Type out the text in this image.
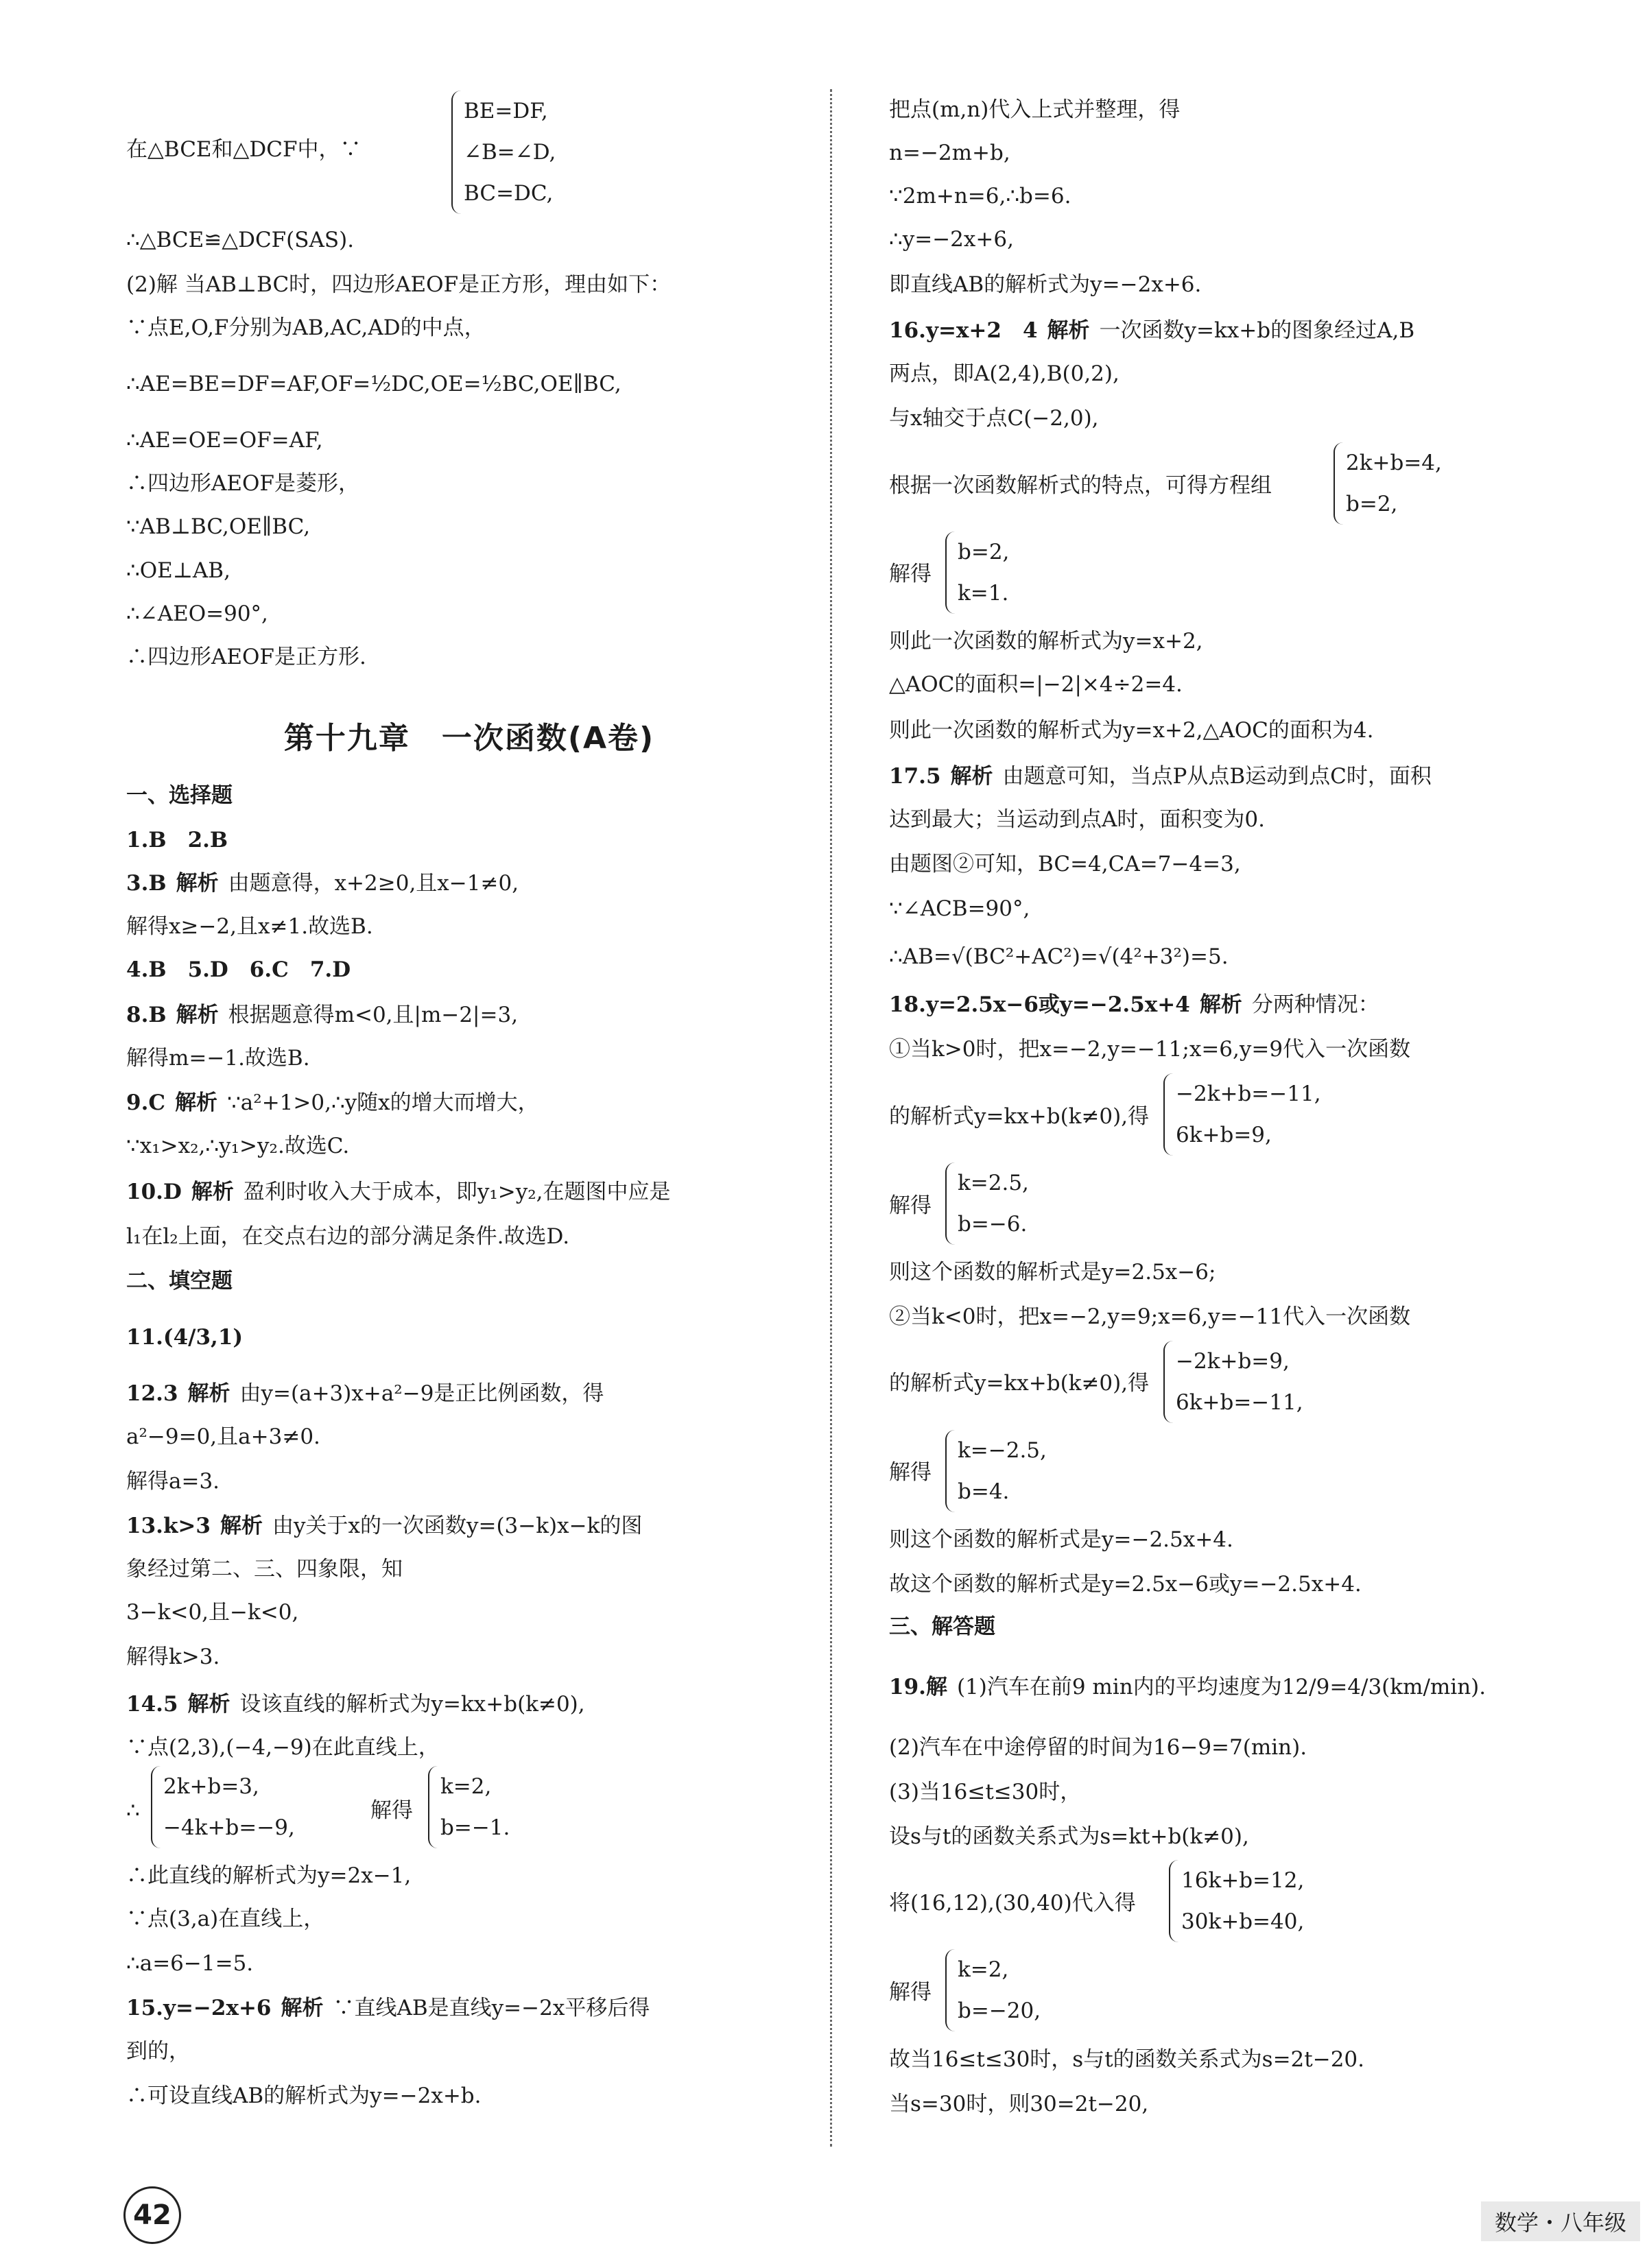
在△BCE和△DCF中，∵
BE=DF,
∠B=∠D,
BC=DC,
∴△BCE≌△DCF(SAS).
(2)解 当AB⊥BC时，四边形AEOF是正方形，理由如下：
∵点E,O,F分别为AB,AC,AD的中点，
∴AE=BE=DF=AF,OF=½DC,OE=½BC,OE∥BC,
∴AE=OE=OF=AF,
∴四边形AEOF是菱形，
∵AB⊥BC,OE∥BC,
∴OE⊥AB,
∴∠AEO=90°,
∴四边形AEOF是正方形.
第十九章　一次函数(A卷)
一、选择题
1.B　2.B
3.B 解析 由题意得，x+2≥0,且x−1≠0,
解得x≥−2,且x≠1.故选B.
4.B　5.D　6.C　7.D
8.B 解析 根据题意得m<0,且|m−2|=3,
解得m=−1.故选B.
9.C 解析 ∵a²+1>0,∴y随x的增大而增大，
∵x₁>x₂,∴y₁>y₂.故选C.
10.D 解析 盈利时收入大于成本，即y₁>y₂,在题图中应是
l₁在l₂上面，在交点右边的部分满足条件.故选D.
二、填空题
11.(4/3,1)
12.3 解析 由y=(a+3)x+a²−9是正比例函数，得
a²−9=0,且a+3≠0.
解得a=3.
13.k>3 解析 由y关于x的一次函数y=(3−k)x−k的图
象经过第二、三、四象限，知
3−k<0,且−k<0,
解得k>3.
14.5 解析 设该直线的解析式为y=kx+b(k≠0),
∵点(2,3),(−4,−9)在此直线上，
∴
2k+b=3,
−4k+b=−9,
解得
k=2,
b=−1.
∴此直线的解析式为y=2x−1,
∵点(3,a)在直线上，
∴a=6−1=5.
15.y=−2x+6 解析 ∵直线AB是直线y=−2x平移后得
到的，
∴可设直线AB的解析式为y=−2x+b.
把点(m,n)代入上式并整理，得
n=−2m+b,
∵2m+n=6,∴b=6.
∴y=−2x+6,
即直线AB的解析式为y=−2x+6.
16.y=x+2　4 解析 一次函数y=kx+b的图象经过A,B
两点，即A(2,4),B(0,2),
与x轴交于点C(−2,0),
根据一次函数解析式的特点，可得方程组
2k+b=4,
b=2,
解得
b=2,
k=1.
则此一次函数的解析式为y=x+2,
△AOC的面积=|−2|×4÷2=4.
则此一次函数的解析式为y=x+2,△AOC的面积为4.
17.5 解析 由题意可知，当点P从点B运动到点C时，面积
达到最大；当运动到点A时，面积变为0.
由题图②可知，BC=4,CA=7−4=3,
∵∠ACB=90°,
∴AB=√(BC²+AC²)=√(4²+3²)=5.
18.y=2.5x−6或y=−2.5x+4 解析 分两种情况：
①当k>0时，把x=−2,y=−11;x=6,y=9代入一次函数
的解析式y=kx+b(k≠0),得
−2k+b=−11,
6k+b=9,
解得
k=2.5,
b=−6.
则这个函数的解析式是y=2.5x−6;
②当k<0时，把x=−2,y=9;x=6,y=−11代入一次函数
的解析式y=kx+b(k≠0),得
−2k+b=9,
6k+b=−11,
解得
k=−2.5,
b=4.
则这个函数的解析式是y=−2.5x+4.
故这个函数的解析式是y=2.5x−6或y=−2.5x+4.
三、解答题
19.解 (1)汽车在前9 min内的平均速度为12/9=4/3(km/min).
(2)汽车在中途停留的时间为16−9=7(min).
(3)当16≤t≤30时，
设s与t的函数关系式为s=kt+b(k≠0),
将(16,12),(30,40)代入得
16k+b=12,
30k+b=40,
解得
k=2,
b=−20,
故当16≤t≤30时，s与t的函数关系式为s=2t−20.
当s=30时，则30=2t−20,
42	数学・八年级
